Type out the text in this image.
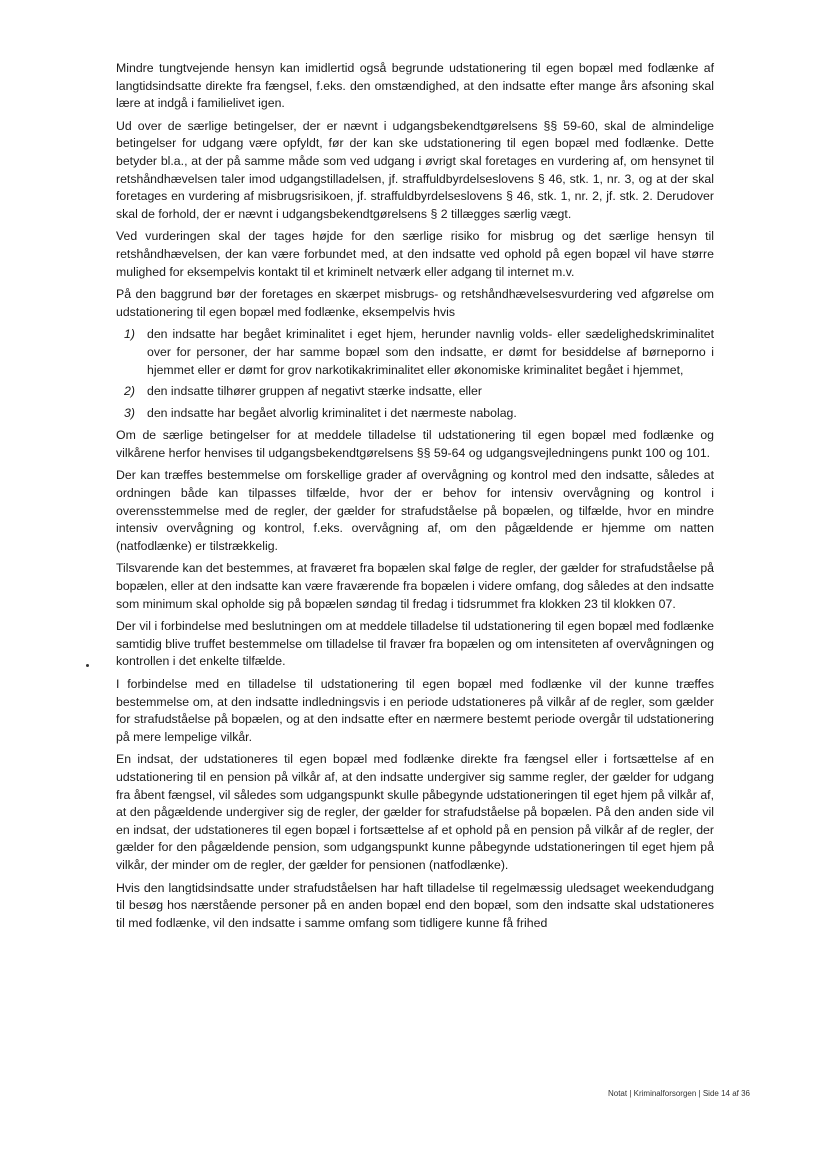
Mindre tungtvejende hensyn kan imidlertid også begrunde udstationering til egen bopæl med fodlænke af langtidsindsatte direkte fra fængsel, f.eks. den omstændighed, at den indsatte efter mange års afsoning skal lære at indgå i familielivet igen.

Ud over de særlige betingelser, der er nævnt i udgangsbekendtgørelsens §§ 59-60, skal de almindelige betingelser for udgang være opfyldt, før der kan ske udstationering til egen bopæl med fodlænke. Dette betyder bl.a., at der på samme måde som ved udgang i øvrigt skal foretages en vurdering af, om hensynet til retshåndhævelsen taler imod udgangstilladelsen, jf. straffuldbyrdelseslovens § 46, stk. 1, nr. 3, og at der skal foretages en vurdering af misbrugsrisikoen, jf. straffuldbyrdelseslovens § 46, stk. 1, nr. 2, jf. stk. 2. Derudover skal de forhold, der er nævnt i udgangsbekendtgørelsens § 2 tillægges særlig vægt.

Ved vurderingen skal der tages højde for den særlige risiko for misbrug og det særlige hensyn til retshåndhævelsen, der kan være forbundet med, at den indsatte ved ophold på egen bopæl vil have større mulighed for eksempelvis kontakt til et kriminelt netværk eller adgang til internet m.v.

På den baggrund bør der foretages en skærpet misbrugs- og retshåndhævelsesvurdering ved afgørelse om udstationering til egen bopæl med fodlænke, eksempelvis hvis

1) den indsatte har begået kriminalitet i eget hjem, herunder navnlig volds- eller sædelighedskriminalitet over for personer, der har samme bopæl som den indsatte, er dømt for besiddelse af børneporno i hjemmet eller er dømt for grov narkotikakriminalitet eller økonomiske kriminalitet begået i hjemmet,
2) den indsatte tilhører gruppen af negativt stærke indsatte, eller
3) den indsatte har begået alvorlig kriminalitet i det nærmeste nabolag.

Om de særlige betingelser for at meddele tilladelse til udstationering til egen bopæl med fodlænke og vilkårene herfor henvises til udgangsbekendtgørelsens §§ 59-64 og udgangsvejledningens punkt 100 og 101.

Der kan træffes bestemmelse om forskellige grader af overvågning og kontrol med den indsatte, således at ordningen både kan tilpasses tilfælde, hvor der er behov for intensiv overvågning og kontrol i overensstemmelse med de regler, der gælder for strafudståelse på bopælen, og tilfælde, hvor en mindre intensiv overvågning og kontrol, f.eks. overvågning af, om den pågældende er hjemme om natten (natfodlænke) er tilstrækkelig.

Tilsvarende kan det bestemmes, at fraværet fra bopælen skal følge de regler, der gælder for strafudståelse på bopælen, eller at den indsatte kan være fraværende fra bopælen i videre omfang, dog således at den indsatte som minimum skal opholde sig på bopælen søndag til fredag i tidsrummet fra klokken 23 til klokken 07.

Der vil i forbindelse med beslutningen om at meddele tilladelse til udstationering til egen bopæl med fodlænke samtidig blive truffet bestemmelse om tilladelse til fravær fra bopælen og om intensiteten af overvågningen og kontrollen i det enkelte tilfælde.

I forbindelse med en tilladelse til udstationering til egen bopæl med fodlænke vil der kunne træffes bestemmelse om, at den indsatte indledningsvis i en periode udstationeres på vilkår af de regler, som gælder for strafudståelse på bopælen, og at den indsatte efter en nærmere bestemt periode overgår til udstationering på mere lempelige vilkår.

En indsat, der udstationeres til egen bopæl med fodlænke direkte fra fængsel eller i fortsættelse af en udstationering til en pension på vilkår af, at den indsatte undergiver sig samme regler, der gælder for udgang fra åbent fængsel, vil således som udgangspunkt skulle påbegynde udstationeringen til eget hjem på vilkår af, at den pågældende undergiver sig de regler, der gælder for strafudståelse på bopælen. På den anden side vil en indsat, der udstationeres til egen bopæl i fortsættelse af et ophold på en pension på vilkår af de regler, der gælder for den pågældende pension, som udgangspunkt kunne påbegynde udstationeringen til eget hjem på vilkår, der minder om de regler, der gælder for pensionen (natfodlænke).

Hvis den langtidsindsatte under strafudståelsen har haft tilladelse til regelmæssig uledsaget weekendudgang til besøg hos nærstående personer på en anden bopæl end den bopæl, som den indsatte skal udstationeres til med fodlænke, vil den indsatte i samme omfang som tidligere kunne få frihed

Notat | Kriminalforsorgen | Side 14 af 36
